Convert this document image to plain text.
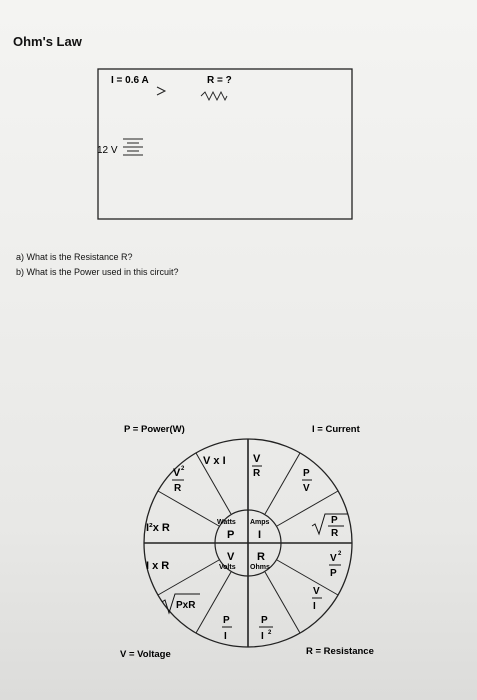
Ohm's Law
I = 0.6 A	R = ?
12 V
a) What is the Resistance R?
b) What is the Power used in this circuit?
P = Power(W)	I = Current
V = Voltage	R = Resistance
Watts Amps
P I
V R
Volts Ohms
V x I V
R	P
V
V 2
R
I²x R
P
R
I x R
V 2
P
PxR
V
I
P
I
P
I 2
